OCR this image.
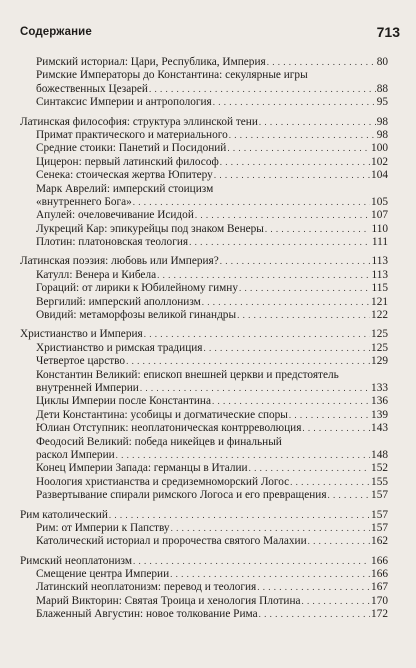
Содержание	713
Римский историал: Цари, Республика, Империя . . .	80
Римские Императоры до Константина: секулярные игры
божественных Цезарей . . .	88
Синтаксис Империи и антропология . . .	95
Латинская философия: структура эллинской тени . . .	98
Примат практического и материального . . .	98
Средние стоики: Панетий и Посидоний . . .	100
Цицерон: первый латинский философ . . .	102
Сенека: стоическая жертва Юпитеру . . .	104
Марк Аврелий: имперский стоицизм
«внутреннего Бога» . . .	105
Апулей: очеловечивание Исидой . . .	107
Лукреций Кар: эпикурейцы под знаком Венеры . . .	110
Плотин: платоновская теология . . .	111
Латинская поэзия: любовь или Империя? . . .	113
Катулл: Венера и Кибела . . .	113
Гораций: от лирики к Юбилейному гимну . . .	115
Вергилий: имперский аполлонизм . . .	121
Овидий: метаморфозы великой гинандры . . .	122
Христианство и Империя . . .	125
Христианство и римская традиция . . .	125
Четвертое царство . . .	129
Константин Великий: епископ внешней церкви и предстоятель
внутренней Империи . . .	133
Циклы Империи после Константина . . .	136
Дети Константина: усобицы и догматические споры . . .	139
Юлиан Отступник: неоплатоническая контрреволюция . . .	143
Феодосий Великий: победа никейцев и финальный
раскол Империи . . .	148
Конец Империи Запада: германцы в Италии . . .	152
Ноология христианства и средиземноморский Логос . . .	155
Развертывание спирали римского Логоса и его превращения . . .	157
Рим католический . . .	157
Рим: от Империи к Папству . . .	157
Католический историал и пророчества святого Малахии . . .	162
Римский неоплатонизм . . .	166
Смещение центра Империи . . .	166
Латинский неоплатонизм: перевод и теология . . .	167
Марий Викторин: Святая Троица и хенология Плотина . . .	170
Блаженный Августин: новое толкование Рима . . .	172
